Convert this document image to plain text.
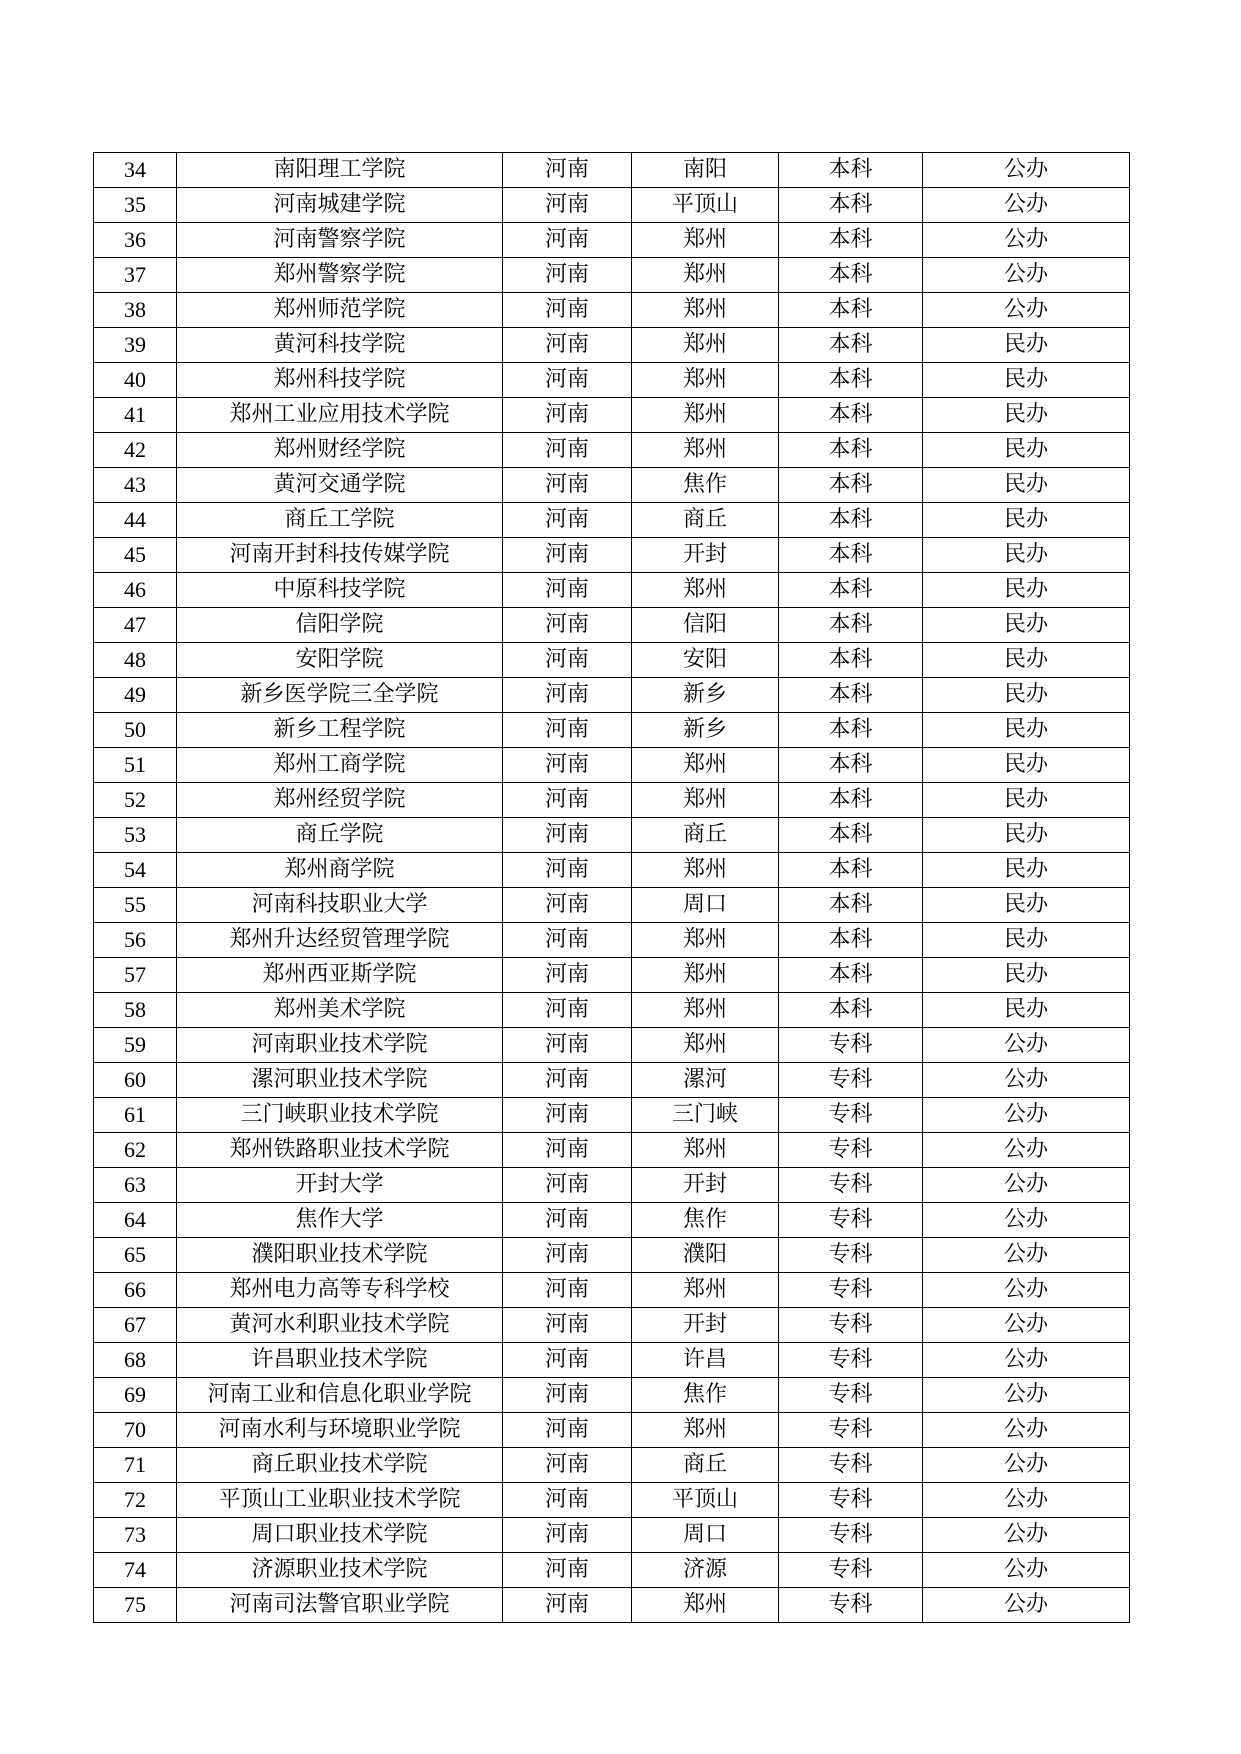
34	南阳理工学院	河南	南阳	本科	公办
35	河南城建学院	河南	平顶山	本科	公办
36	河南警察学院	河南	郑州	本科	公办
37	郑州警察学院	河南	郑州	本科	公办
38	郑州师范学院	河南	郑州	本科	公办
39	黄河科技学院	河南	郑州	本科	民办
40	郑州科技学院	河南	郑州	本科	民办
41	郑州工业应用技术学院	河南	郑州	本科	民办
42	郑州财经学院	河南	郑州	本科	民办
43	黄河交通学院	河南	焦作	本科	民办
44	商丘工学院	河南	商丘	本科	民办
45	河南开封科技传媒学院	河南	开封	本科	民办
46	中原科技学院	河南	郑州	本科	民办
47	信阳学院	河南	信阳	本科	民办
48	安阳学院	河南	安阳	本科	民办
49	新乡医学院三全学院	河南	新乡	本科	民办
50	新乡工程学院	河南	新乡	本科	民办
51	郑州工商学院	河南	郑州	本科	民办
52	郑州经贸学院	河南	郑州	本科	民办
53	商丘学院	河南	商丘	本科	民办
54	郑州商学院	河南	郑州	本科	民办
55	河南科技职业大学	河南	周口	本科	民办
56	郑州升达经贸管理学院	河南	郑州	本科	民办
57	郑州西亚斯学院	河南	郑州	本科	民办
58	郑州美术学院	河南	郑州	本科	民办
59	河南职业技术学院	河南	郑州	专科	公办
60	漯河职业技术学院	河南	漯河	专科	公办
61	三门峡职业技术学院	河南	三门峡	专科	公办
62	郑州铁路职业技术学院	河南	郑州	专科	公办
63	开封大学	河南	开封	专科	公办
64	焦作大学	河南	焦作	专科	公办
65	濮阳职业技术学院	河南	濮阳	专科	公办
66	郑州电力高等专科学校	河南	郑州	专科	公办
67	黄河水利职业技术学院	河南	开封	专科	公办
68	许昌职业技术学院	河南	许昌	专科	公办
69	河南工业和信息化职业学院	河南	焦作	专科	公办
70	河南水利与环境职业学院	河南	郑州	专科	公办
71	商丘职业技术学院	河南	商丘	专科	公办
72	平顶山工业职业技术学院	河南	平顶山	专科	公办
73	周口职业技术学院	河南	周口	专科	公办
74	济源职业技术学院	河南	济源	专科	公办
75	河南司法警官职业学院	河南	郑州	专科	公办
